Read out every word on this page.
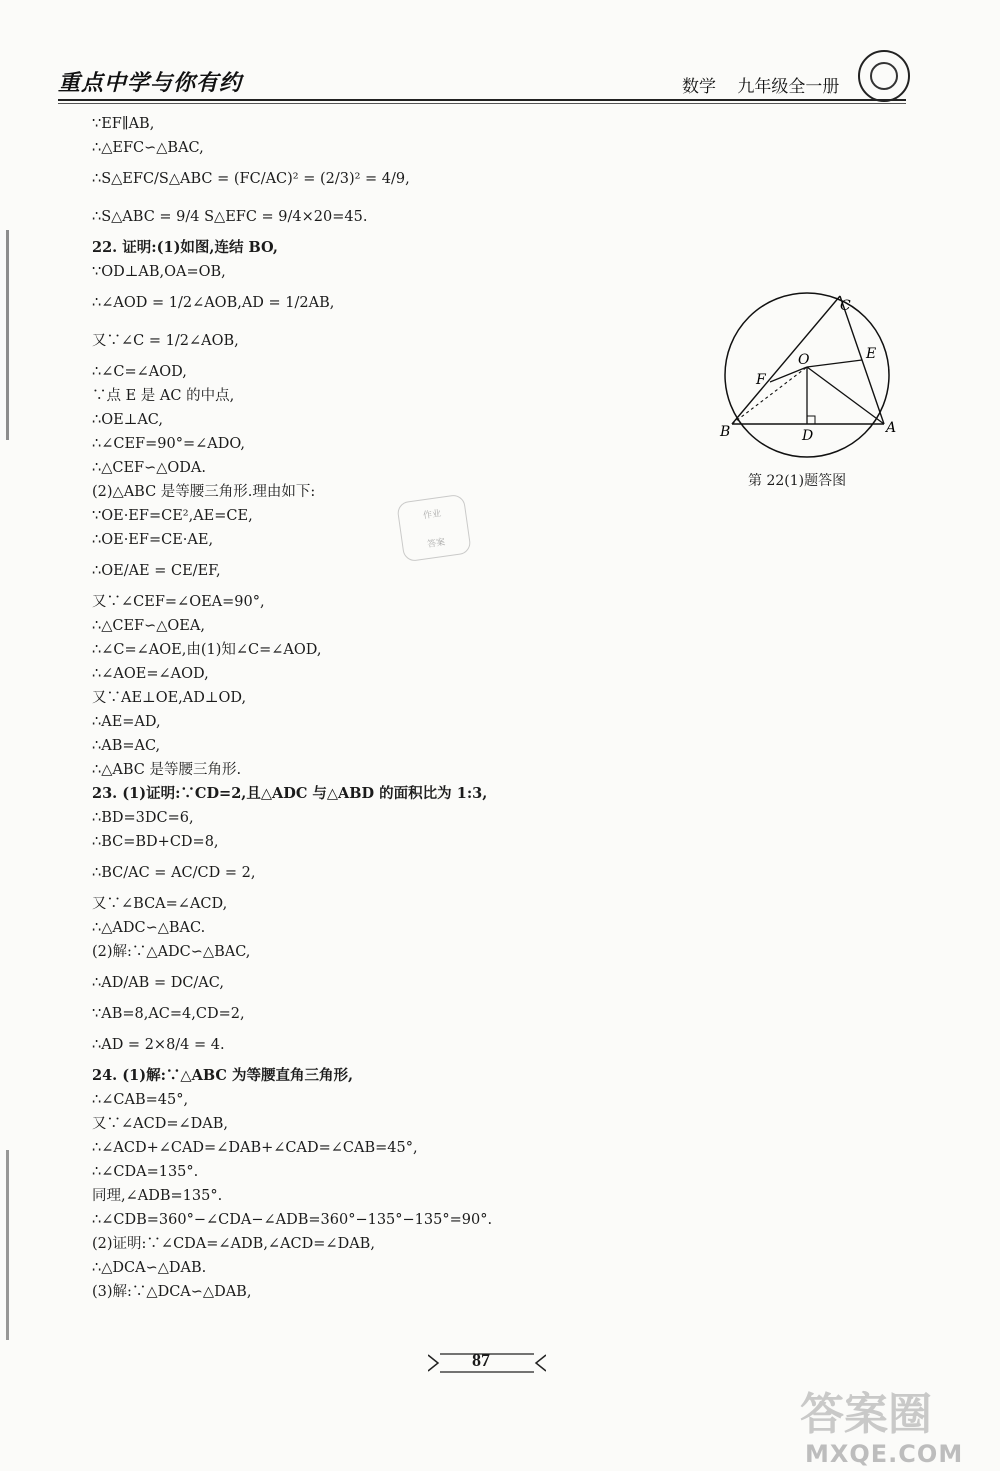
重点中学与你有约	数学 九年级全一册
∵EF∥AB,
∴△EFC∽△BAC,
∴S△EFC/S△ABC = (FC/AC)² = (2/3)² = 4/9,
∴S△ABC = 9/4 S△EFC = 9/4×20=45.
22. 证明:(1)如图,连结 BO,
∵OD⊥AB,OA=OB,
∴∠AOD = 1/2∠AOB,AD = 1/2AB,
又∵∠C = 1/2∠AOB,
∴∠C=∠AOD,
∵点 E 是 AC 的中点,
∴OE⊥AC,
∴∠CEF=90°=∠ADO,
∴△CEF∽△ODA.
(2)△ABC 是等腰三角形.理由如下:
∵OE·EF=CE²,AE=CE,
∴OE·EF=CE·AE,
∴OE/AE = CE/EF,
又∵∠CEF=∠OEA=90°,
∴△CEF∽△OEA,
∴∠C=∠AOE,由(1)知∠C=∠AOD,
∴∠AOE=∠AOD,
又∵AE⊥OE,AD⊥OD,
∴AE=AD,
∴AB=AC,
∴△ABC 是等腰三角形.
23. (1)证明:∵CD=2,且△ADC 与△ABD 的面积比为 1:3,
∴BD=3DC=6,
∴BC=BD+CD=8,
∴BC/AC = AC/CD = 2,
又∵∠BCA=∠ACD,
∴△ADC∽△BAC.
(2)解:∵△ADC∽△BAC,
∴AD/AB = DC/AC,
∵AB=8,AC=4,CD=2,
∴AD = 2×8/4 = 4.
24. (1)解:∵△ABC 为等腰直角三角形,
∴∠CAB=45°,
又∵∠ACD=∠DAB,
∴∠ACD+∠CAD=∠DAB+∠CAD=∠CAB=45°,
∴∠CDA=135°.
同理,∠ADB=135°.
∴∠CDB=360°−∠CDA−∠ADB=360°−135°−135°=90°.
(2)证明:∵∠CDA=∠ADB,∠ACD=∠DAB,
∴△DCA∽△DAB.
(3)解:∵△DCA∽△DAB,
作业
答案
C
O	E
F
B	D	A
第 22(1)题答图
87
答案圈
MXQE.COM
